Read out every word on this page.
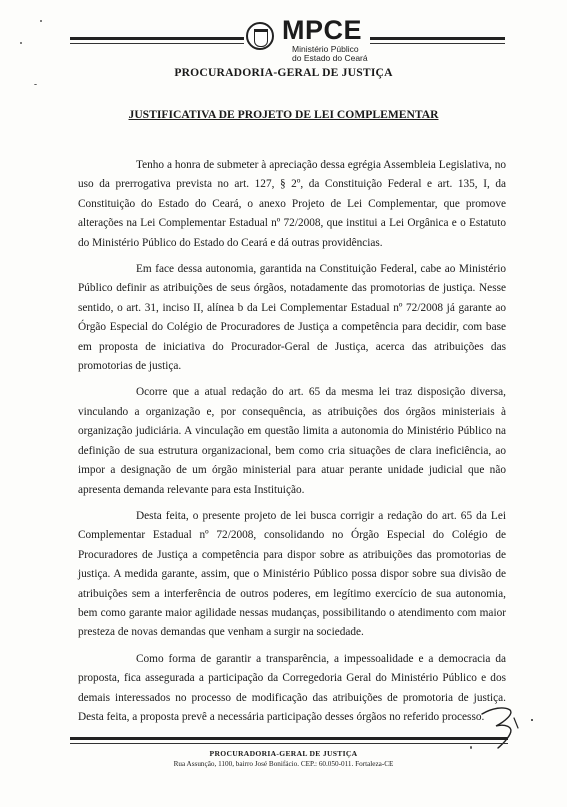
MPCE
Ministério Público
do Estado do Ceará
PROCURADORIA-GERAL DE JUSTIÇA
JUSTIFICATIVA DE PROJETO DE LEI COMPLEMENTAR

Tenho a honra de submeter à apreciação dessa egrégia Assembleia Legislativa, no uso da prerrogativa prevista no art. 127, § 2º, da Constituição Federal e art. 135, I, da Constituição do Estado do Ceará, o anexo Projeto de Lei Complementar, que promove alterações na Lei Complementar Estadual nº 72/2008, que institui a Lei Orgânica e o Estatuto do Ministério Público do Estado do Ceará e dá outras providências.

Em face dessa autonomia, garantida na Constituição Federal, cabe ao Ministério Público definir as atribuições de seus órgãos, notadamente das promotorias de justiça. Nesse sentido, o art. 31, inciso II, alínea b da Lei Complementar Estadual nº 72/2008 já garante ao Órgão Especial do Colégio de Procuradores de Justiça a competência para decidir, com base em proposta de iniciativa do Procurador-Geral de Justiça, acerca das atribuições das promotorias de justiça.

Ocorre que a atual redação do art. 65 da mesma lei traz disposição diversa, vinculando a organização e, por consequência, as atribuições dos órgãos ministeriais à organização judiciária. A vinculação em questão limita a autonomia do Ministério Público na definição de sua estrutura organizacional, bem como cria situações de clara ineficiência, ao impor a designação de um órgão ministerial para atuar perante unidade judicial que não apresenta demanda relevante para esta Instituição.

Desta feita, o presente projeto de lei busca corrigir a redação do art. 65 da Lei Complementar Estadual nº 72/2008, consolidando no Órgão Especial do Colégio de Procuradores de Justiça a competência para dispor sobre as atribuições das promotorias de justiça. A medida garante, assim, que o Ministério Público possa dispor sobre sua divisão de atribuições sem a interferência de outros poderes, em legítimo exercício de sua autonomia, bem como garante maior agilidade nessas mudanças, possibilitando o atendimento com maior presteza de novas demandas que venham a surgir na sociedade.

Como forma de garantir a transparência, a impessoalidade e a democracia da proposta, fica assegurada a participação da Corregedoria Geral do Ministério Público e dos demais interessados no processo de modificação das atribuições de promotoria de justiça. Desta feita, a proposta prevê a necessária participação desses órgãos no referido processo.

PROCURADORIA-GERAL DE JUSTIÇA
Rua Assunção, 1100, bairro José Bonifácio. CEP.: 60.050-011. Fortaleza-CE
